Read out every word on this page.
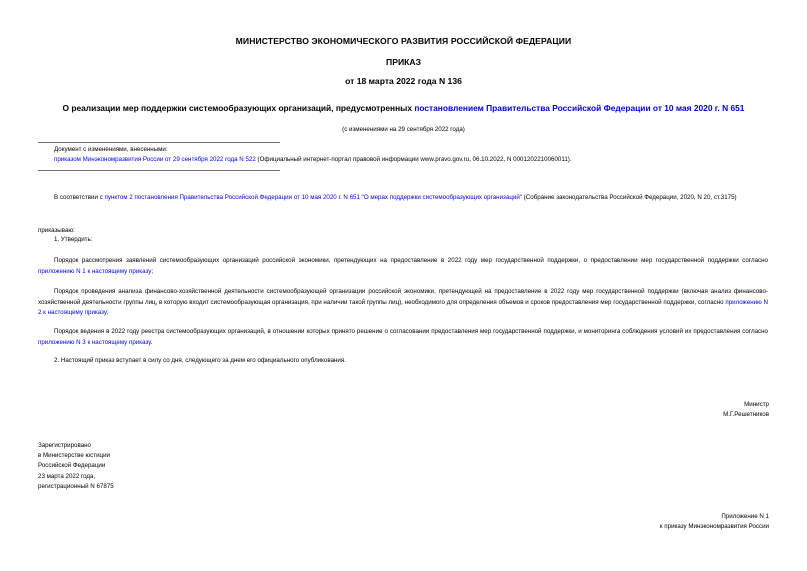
МИНИСТЕРСТВО ЭКОНОМИЧЕСКОГО РАЗВИТИЯ РОССИЙСКОЙ ФЕДЕРАЦИИ
ПРИКАЗ
от 18 марта 2022 года N 136
О реализации мер поддержки системообразующих организаций, предусмотренных постановлением Правительства Российской Федерации от 10 мая 2020 г. N 651
(с изменениями на 29 сентября 2022 года)
Документ с изменениями, внесенными:
приказом Минэкономразвития России от 29 сентября 2022 года N 522 (Официальный интернет-портал правовой информации www.pravo.gov.ru, 06.10.2022, N 0001202210060011).
В соответствии с пунктом 2 постановления Правительства Российской Федерации от 10 мая 2020 г. N 651 "О мерах поддержки системообразующих организаций" (Собрание законодательства Российской Федерации, 2020, N 20, ст.3175)
приказываю:
1. Утвердить:
Порядок рассмотрения заявлений системообразующих организаций российской экономики, претендующих на предоставление в 2022 году мер государственной поддержки, о предоставлении мер государственной поддержки согласно приложению N 1 к настоящему приказу;
Порядок проведения анализа финансово-хозяйственной деятельности системообразующей организации российской экономики, претендующей на предоставление в 2022 году мер государственной поддержки (включая анализ финансово-хозяйственной деятельности группы лиц, в которую входит системообразующая организация, при наличии такой группы лиц), необходимого для определения объемов и сроков предоставления мер государственной поддержки, согласно приложению N 2 к настоящему приказу;
Порядок ведения в 2022 году реестра системообразующих организаций, в отношении которых принято решение о согласовании предоставления мер государственной поддержки, и мониторинга соблюдения условий их предоставления согласно приложению N 3 к настоящему приказу.
2. Настоящий приказ вступает в силу со дня, следующего за днем его официального опубликования.
Министр
М.Г.Решетников
Зарегистрировано
в Министерстве юстиции
Российской Федерации
23 марта 2022 года,
регистрационный N 67875
Приложение N 1
к приказу Минэкономразвития России
